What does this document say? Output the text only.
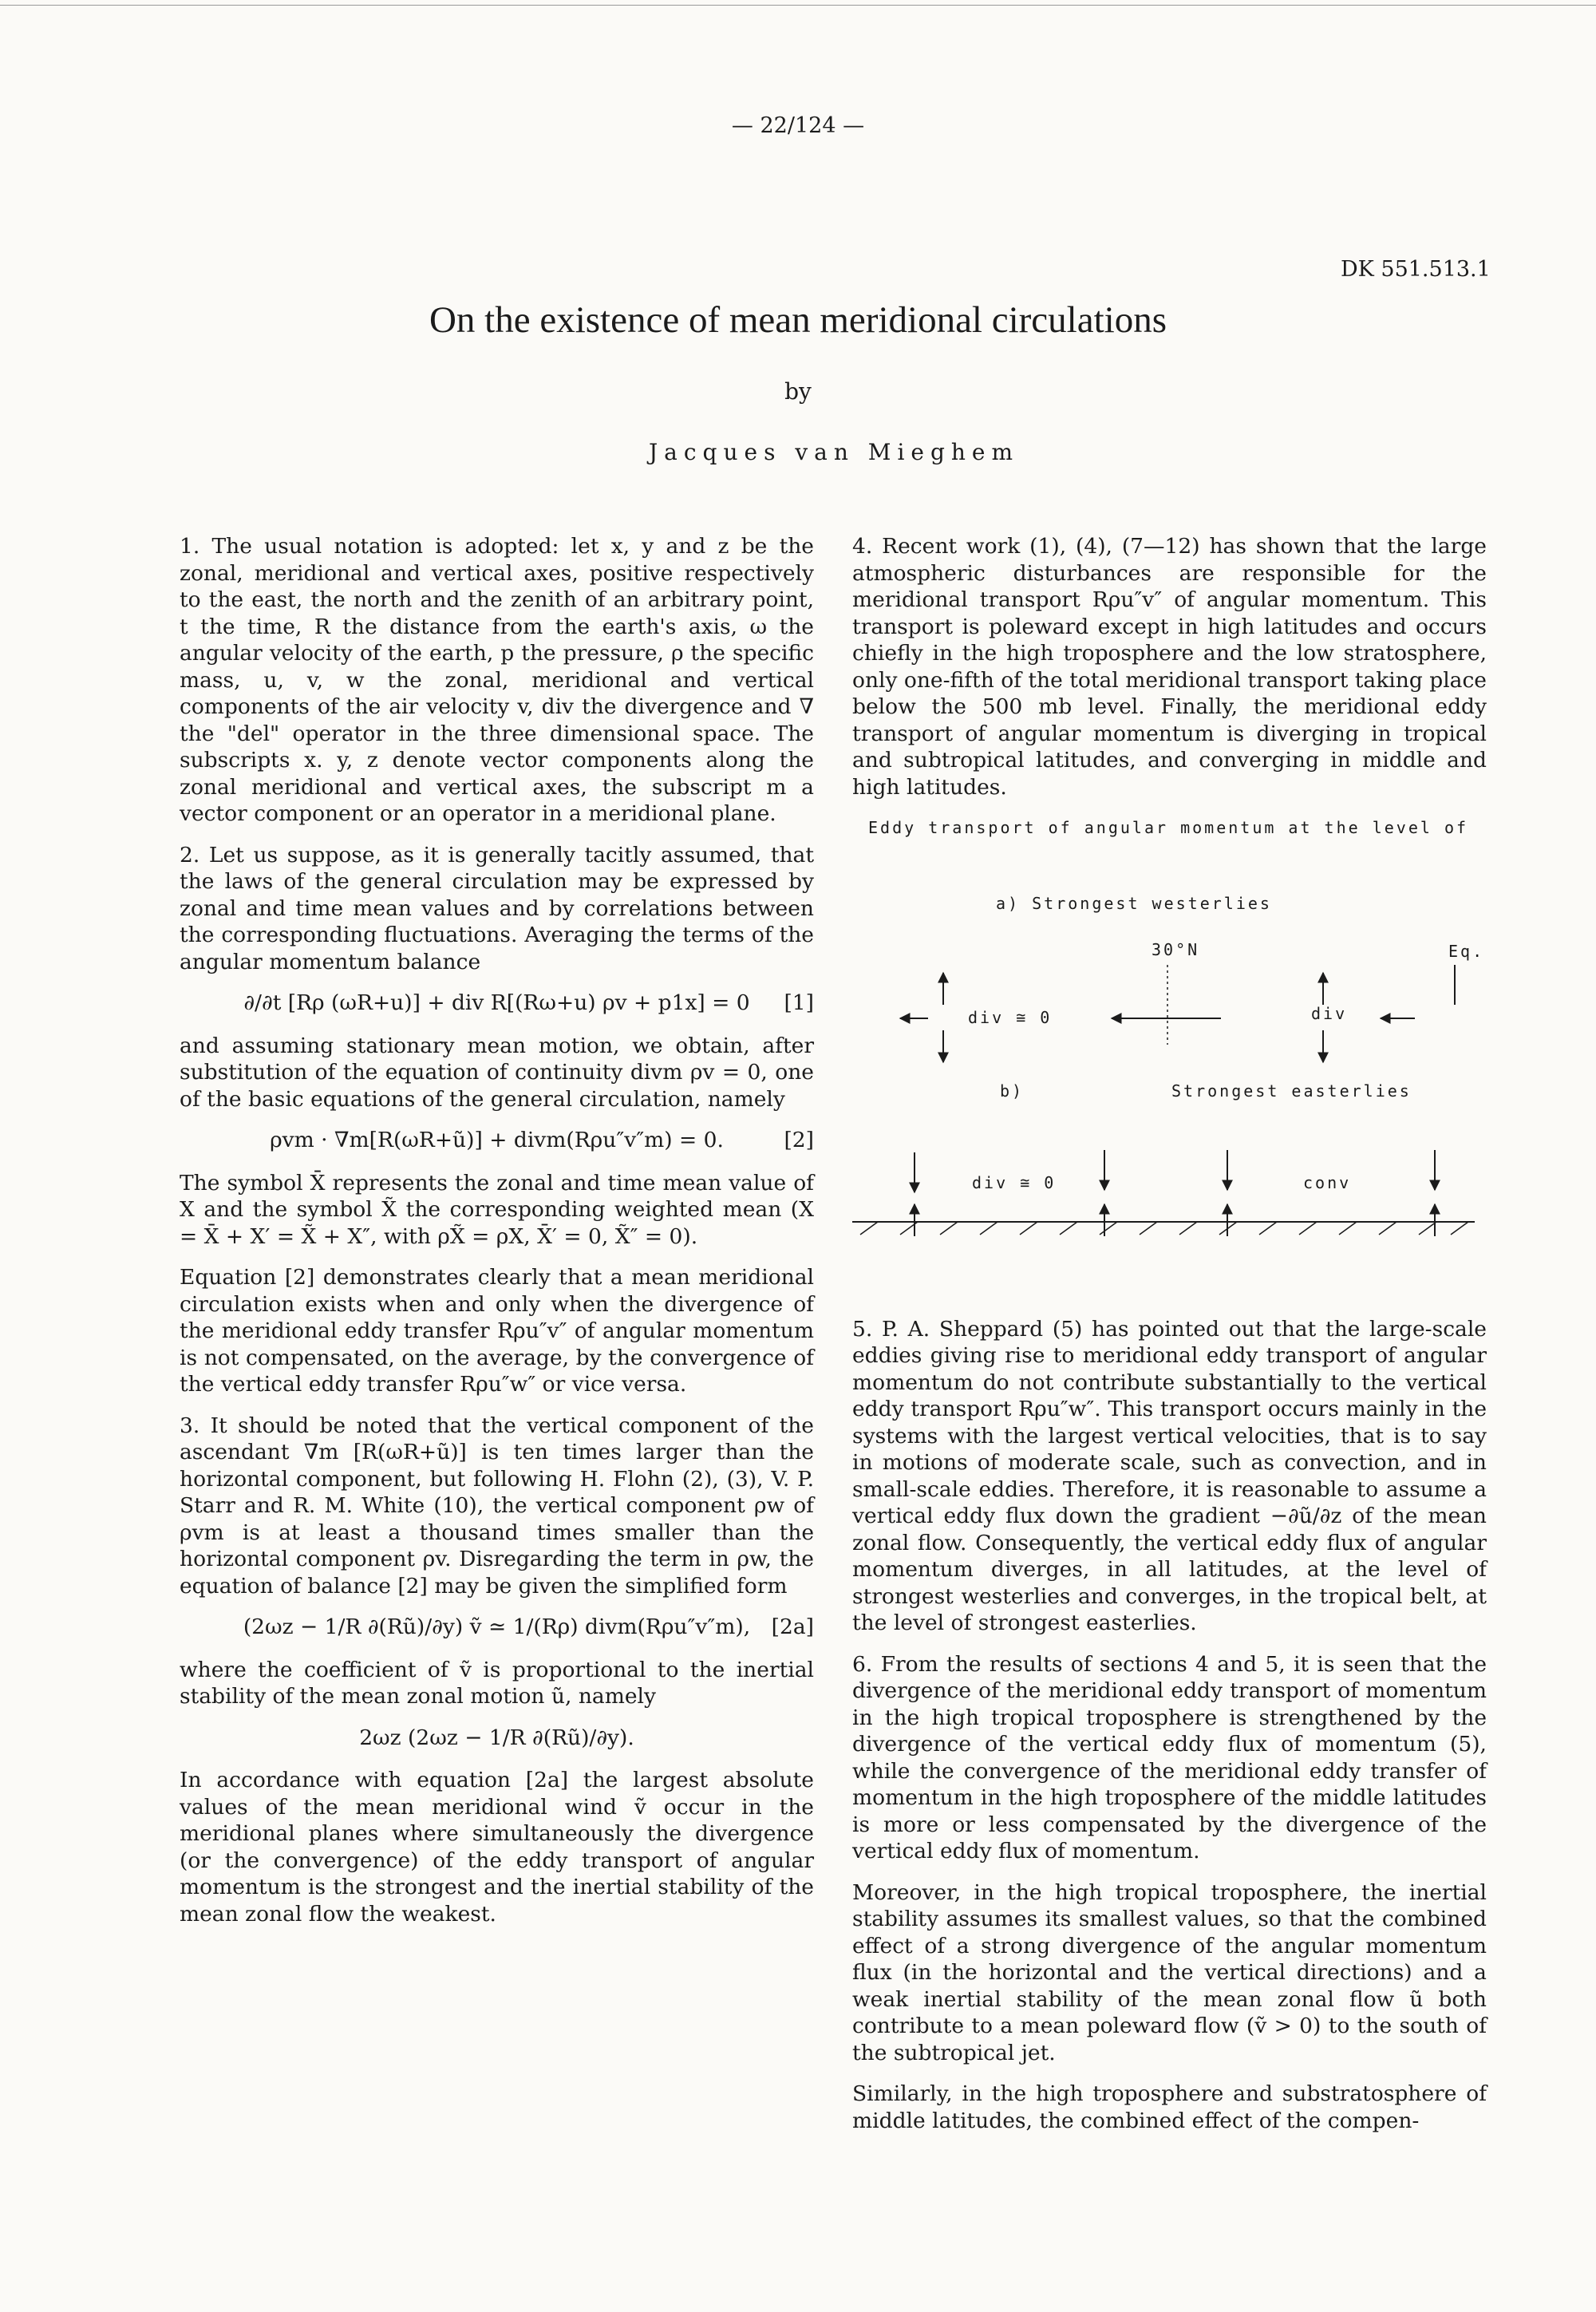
— 22/124 —
DK 551.513.1
On the existence of mean meridional circulations
by
Jacques van Mieghem

1. The usual notation is adopted: let x, y and z be the zonal, meridional and vertical axes, positive respectively to the east, the north and the zenith of an arbitrary point, t the time, R the distance from the earth's axis, ω the angular velocity of the earth, p the pressure, ρ the specific mass, u, v, w the zonal, meridional and vertical components of the air velocity v, div the divergence and ∇ the "del" operator in the three dimensional space. The subscripts x. y, z denote vector components along the zonal meridional and vertical axes, the subscript m a vector component or an operator in a meridional plane.

2. Let us suppose, as it is generally tacitly assumed, that the laws of the general circulation may be expressed by zonal and time mean values and by correlations between the corresponding fluctuations. Averaging the terms of the angular momentum balance

∂/∂t [Rρ (ωR+u)] + div R[(Rω+u) ρv + p1x] = 0 [1]

and assuming stationary mean motion, we obtain, after substitution of the equation of continuity divm ρv = 0, one of the basic equations of the general circulation, namely

ρvm · ∇m[R(ωR+ũ)] + divm(Rρu″v″m) = 0.	[2]

The symbol X̄ represents the zonal and time mean value of X and the symbol X̃ the corresponding weighted mean (X = X̄ + X′ = X̃ + X″, with ρX̃ = ρX, X̄′ = 0, X̃″ = 0).

Equation [2] demonstrates clearly that a mean meridional circulation exists when and only when the divergence of the meridional eddy transfer Rρu″v″ of angular momentum is not compensated, on the average, by the convergence of the vertical eddy transfer Rρu″w″ or vice versa.

3. It should be noted that the vertical component of the ascendant ∇m [R(ωR+ũ)] is ten times larger than the horizontal component, but following H. Flohn (2), (3), V. P. Starr and R. M. White (10), the vertical component ρw of ρvm is at least a thousand times smaller than the horizontal component ρv. Disregarding the term in ρw, the equation of balance [2] may be given the simplified form

(2ωz − 1/R ∂(Rũ)/∂y) ṽ ≃ 1/(Rρ) divm(Rρu″v″m), [2a]

where the coefficient of ṽ is proportional to the inertial stability of the mean zonal motion ũ, namely

2ωz (2ωz − 1/R ∂(Rũ)/∂y).

In accordance with equation [2a] the largest absolute values of the mean meridional wind ṽ occur in the meridional planes where simultaneously the divergence (or the convergence) of the eddy transport of angular momentum is the strongest and the inertial stability of the mean zonal flow the weakest.

4. Recent work (1), (4), (7—12) has shown that the large atmospheric disturbances are responsible for the meridional transport Rρu″v″ of angular momentum. This transport is poleward except in high latitudes and occurs chiefly in the high troposphere and the low stratosphere, only one-fifth of the total meridional transport taking place below the 500 mb level. Finally, the meridional eddy transport of angular momentum is diverging in tropical and subtropical latitudes, and converging in middle and high latitudes.

Eddy transport of angular momentum at the level of
a) Strongest westerlies
30°N	Eq.
div ≅ 0	div
b)	Strongest easterlies
div ≅ 0	conv

5. P. A. Sheppard (5) has pointed out that the large-scale eddies giving rise to meridional eddy transport of angular momentum do not contribute substantially to the vertical eddy transport Rρu″w″. This transport occurs mainly in the systems with the largest vertical velocities, that is to say in motions of moderate scale, such as convection, and in small-scale eddies. Therefore, it is reasonable to assume a vertical eddy flux down the gradient −∂ũ/∂z of the mean zonal flow. Consequently, the vertical eddy flux of angular momentum diverges, in all latitudes, at the level of strongest westerlies and converges, in the tropical belt, at the level of strongest easterlies.

6. From the results of sections 4 and 5, it is seen that the divergence of the meridional eddy transport of momentum in the high tropical troposphere is strengthened by the divergence of the vertical eddy flux of momentum (5), while the convergence of the meridional eddy transfer of momentum in the high troposphere of the middle latitudes is more or less compensated by the divergence of the vertical eddy flux of momentum.

Moreover, in the high tropical troposphere, the inertial stability assumes its smallest values, so that the combined effect of a strong divergence of the angular momentum flux (in the horizontal and the vertical directions) and a weak inertial stability of the mean zonal flow ũ both contribute to a mean poleward flow (ṽ > 0) to the south of the subtropical jet.

Similarly, in the high troposphere and substratosphere of middle latitudes, the combined effect of the compen-
